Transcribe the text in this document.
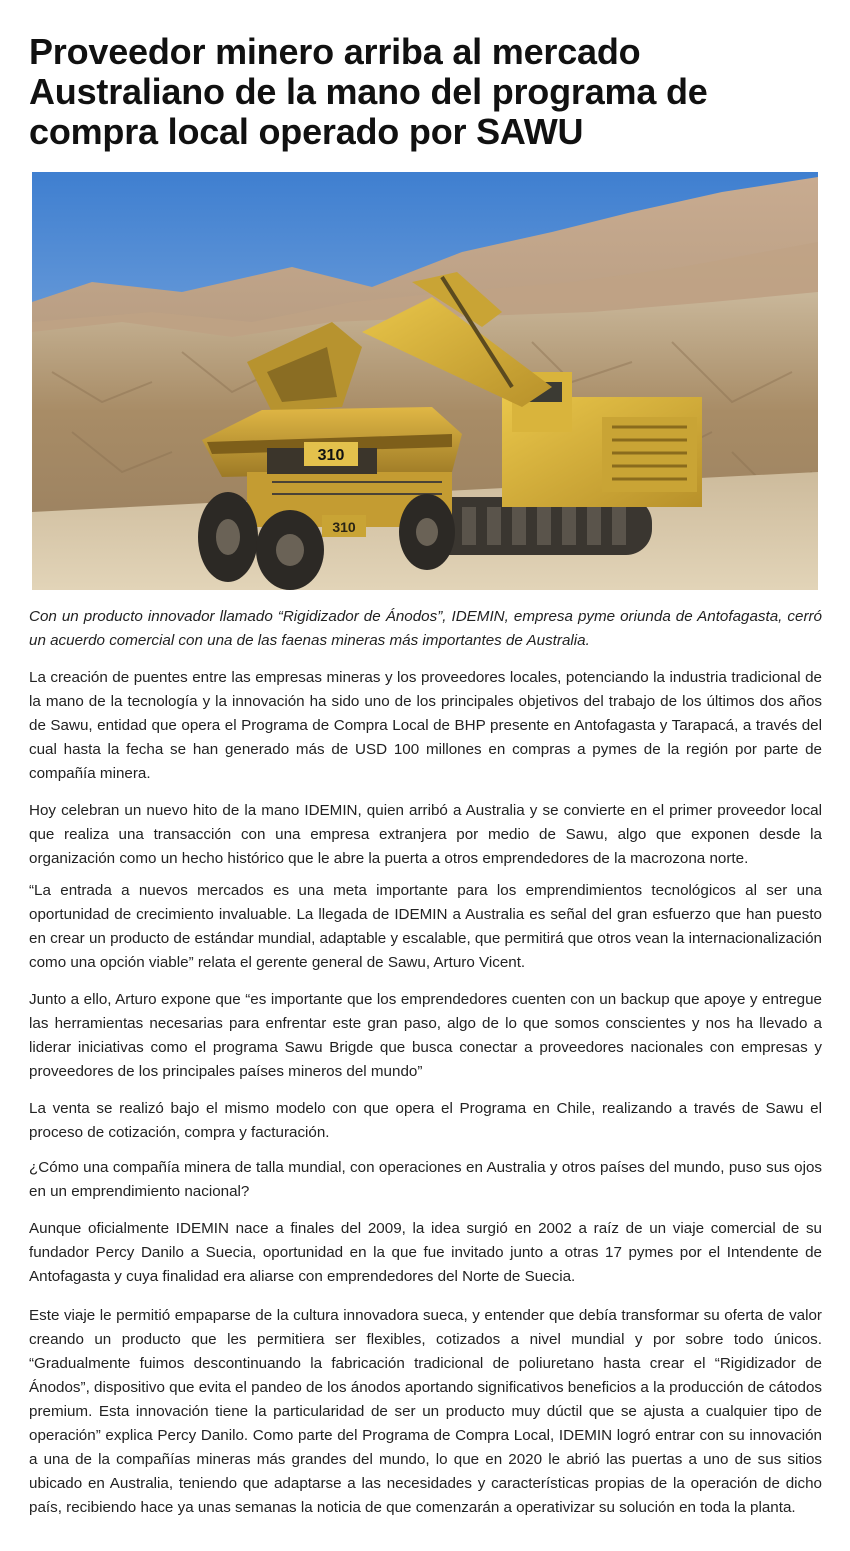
Proveedor minero arriba al mercado Australiano de la mano del programa de compra local operado por SAWU
310
310

Con un producto innovador llamado “Rigidizador de Ánodos”, IDEMIN, empresa pyme oriunda de Antofagasta, cerró un acuerdo comercial con una de las faenas mineras más importantes de Australia.

La creación de puentes entre las empresas mineras y los proveedores locales, potenciando la industria tradicional de la mano de la tecnología y la innovación ha sido uno de los principales objetivos del trabajo de los últimos dos años de Sawu, entidad que opera el Programa de Compra Local de BHP presente en Antofagasta y Tarapacá, a través del cual hasta la fecha se han generado más de USD 100 millones en compras a pymes de la región por parte de compañía minera.

Hoy celebran un nuevo hito de la mano IDEMIN, quien arribó a Australia y se convierte en el primer proveedor local que realiza una transacción con una empresa extranjera por medio de Sawu, algo que exponen desde la organización como un hecho histórico que le abre la puerta a otros emprendedores de la macrozona norte.

“La entrada a nuevos mercados es una meta importante para los emprendimientos tecnológicos al ser una oportunidad de crecimiento invaluable. La llegada de IDEMIN a Australia es señal del gran esfuerzo que han puesto en crear un producto de estándar mundial, adaptable y escalable, que permitirá que otros vean la internacionalización como una opción viable” relata el gerente general de Sawu, Arturo Vicent.

Junto a ello, Arturo expone que “es importante que los emprendedores cuenten con un backup que apoye y entregue las herramientas necesarias para enfrentar este gran paso, algo de lo que somos conscientes y nos ha llevado a liderar iniciativas como el programa Sawu Brigde que busca conectar a proveedores nacionales con empresas y proveedores de los principales países mineros del mundo”

La venta se realizó bajo el mismo modelo con que opera el Programa en Chile, realizando a través de Sawu el proceso de cotización, compra y facturación.

¿Cómo una compañía minera de talla mundial, con operaciones en Australia y otros países del mundo, puso sus ojos en un emprendimiento nacional?

Aunque oficialmente IDEMIN nace a finales del 2009, la idea surgió en 2002 a raíz de un viaje comercial de su fundador Percy Danilo a Suecia, oportunidad en la que fue invitado junto a otras 17 pymes por el Intendente de Antofagasta y cuya finalidad era aliarse con emprendedores del Norte de Suecia.

Este viaje le permitió empaparse de la cultura innovadora sueca, y entender que debía transformar su oferta de valor creando un producto que les permitiera ser flexibles, cotizados a nivel mundial y por sobre todo únicos. “Gradualmente fuimos descontinuando la fabricación tradicional de poliuretano hasta crear el “Rigidizador de Ánodos”, dispositivo que evita el pandeo de los ánodos aportando significativos beneficios a la producción de cátodos premium. Esta innovación tiene la particularidad de ser un producto muy dúctil que se ajusta a cualquier tipo de operación” explica Percy Danilo. Como parte del Programa de Compra Local, IDEMIN logró entrar con su innovación a una de la compañías mineras más grandes del mundo, lo que en 2020 le abrió las puertas a uno de sus sitios ubicado en Australia, teniendo que adaptarse a las necesidades y características propias de la operación de dicho país, recibiendo hace ya unas semanas la noticia de que comenzarán a operativizar su solución en toda la planta.
